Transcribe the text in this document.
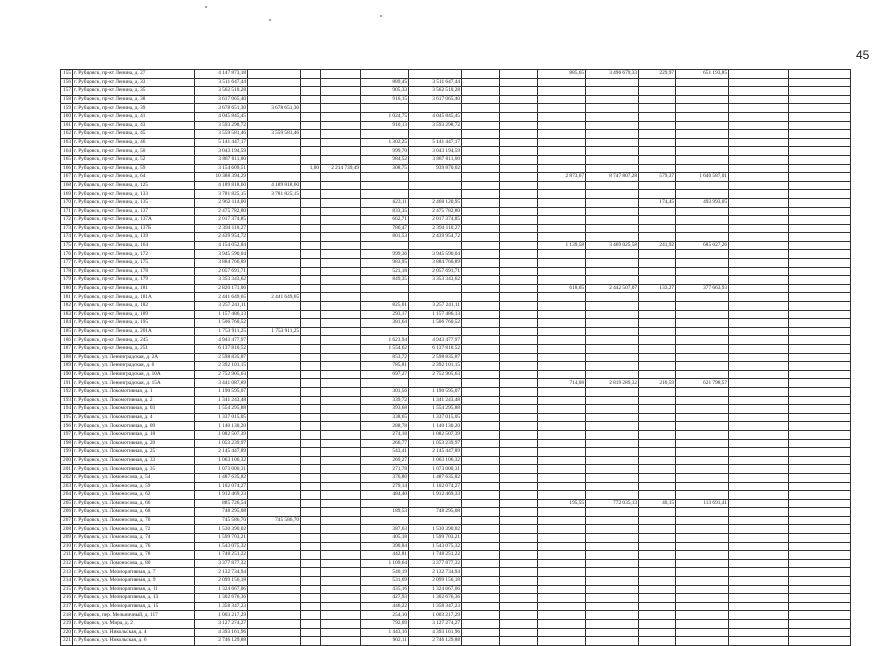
45
155	г. Рубцовск, пр-кт Ленина, д. 27	4 147 873,18								885,65	3 496 679,33	229,97	651 193,85		
156	г. Рубцовск, пр-кт Ленина, д. 33	3 511 647,44				889,45	3 511 647,44								
157	г. Рубцовск, пр-кт Ленина, д. 35	3 562 510,28				905,33	3 562 510,28								
158	г. Рубцовск, пр-кт Ленина, д. 38	3 617 065,40				916,15	3 617 065,40								
159	г. Рубцовск, пр-кт Ленина, д. 39	3 678 651,30	3 678 651,30												
160	г. Рубцовск, пр-кт Ленина, д. 41	4 045 845,45				1 024,75	4 045 845,45								
161	г. Рубцовск, пр-кт Ленина, д. 43	3 593 298,72				910,13	3 593 298,72								
162	г. Рубцовск, пр-кт Ленина, д. 45	3 559 581,46	3 559 581,46												
163	г. Рубцовск, пр-кт Ленина, д. 46	5 141 447,17				1 302,25	5 141 447,17								
164	г. Рубцовск, пр-кт Ленина, д. 50	3 043 194,59				999,70	3 043 194,59								
165	г. Рубцовск, пр-кт Ленина, д. 52	3 887 011,00				984,52	3 887 011,00								
166	г. Рубцовск, пр-кт Ленина, д. 59	3 154 609,51		1,00	2 214 739,49	308,75	939 870,02								
167	г. Рубцовск, пр-кт Ленина, д. 64	10 388 394,29								2 873,67	8 747 807,28	579,37	1 640 587,01		
168	г. Рубцовск, пр-кт Ленина, д. 125	4 189 818,60	4 189 818,60												
169	г. Рубцовск, пр-кт Ленина, д. 133	3 781 825,15	3 781 825,15												
170	г. Рубцовск, пр-кт Ленина, д. 135	2 962 114,00				623,11	2 468 120,95					174,45	493 993,05		
171	г. Рубцовск, пр-кт Ленина, д. 137	2 475 782,80				833,35	2 475 782,80								
172	г. Рубцовск, пр-кт Ленина, д. 137А	2 017 374,85				662,71	2 017 374,85								
173	г. Рубцовск, пр-кт Ленина, д. 137Б	2 394 110,27				786,47	2 394 110,27								
174	г. Рубцовск, пр-кт Ленина, д. 139	2 439 954,72				801,53	2 439 954,72								
175	г. Рубцовск, пр-кт Ленина, д. 164	4 154 052,84								1 139,58	3 469 025,58	241,92	685 027,26		
176	г. Рубцовск, пр-кт Ленина, д. 172	3 945 590,04				999,36	3 945 590,04								
177	г. Рубцовск, пр-кт Ленина, д. 175	3 884 766,89				983,95	3 884 766,89								
178	г. Рубцовск, пр-кт Ленина, д. 178	2 057 691,71				521,18	2 057 691,71								
179	г. Рубцовск, пр-кт Ленина, д. 179	3 353 343,62				849,35	3 353 343,62								
180	г. Рубцовск, пр-кт Ленина, д. 181	2 820 171,00								618,65	2 442 507,07	133,27	377 663,93		
181	г. Рубцовск, пр-кт Ленина, д. 181А	2 441 649,65	2 441 649,65												
182	г. Рубцовск, пр-кт Ленина, д. 182	3 257 241,11				825,01	3 257 241,11								
183	г. Рубцовск, пр-кт Ленина, д. 189	1 157 486,13				293,17	1 157 486,13								
184	г. Рубцовск, пр-кт Ленина, д. 195	1 506 760,52				381,64	1 506 760,52								
185	г. Рубцовск, пр-кт Ленина, д. 201А	1 753 911,25	1 753 911,25												
186	г. Рубцовск, пр-кт Ленина, д. 245	4 943 477,97				1 623,94	4 943 477,97								
187	г. Рубцовск, пр-кт Ленина, д. 251	6 137 810,52				1 554,62	6 137 810,52								
188	г. Рубцовск, ул. Ленинградская, д. 2А	2 598 835,87				853,72	2 598 835,87								
189	г. Рубцовск, ул. Ленинградская, д. 6	2 392 101,15				785,81	2 392 101,15								
190	г. Рубцовск, ул. Ленинградская, д. 10А	2 752 905,63				697,27	2 752 905,63								
191	г. Рубцовск, ул. Ленинградская, д. 15А	3 441 087,89								714,08	2 819 289,32	210,59	621 798,57		
192	г. Рубцовск, ул. Локомотивная, д. 1	1 190 595,07				301,56	1 190 595,07								
193	г. Рубцовск, ул. Локомотивная, д. 2	1 341 243,48				339,72	1 341 243,48								
194	г. Рубцовск, ул. Локомотивная, д. 03	1 554 295,88				393,68	1 554 295,88								
195	г. Рубцовск, ул. Локомотивная, д. 4	1 337 015,05				338,65	1 337 015,05								
196	г. Рубцовск, ул. Локомотивная, д. 09	1 140 130,20				288,78	1 140 130,20								
197	г. Рубцовск, ул. Локомотивная, д. 18	1 082 507,39				274,18	1 082 507,39								
198	г. Рубцовск, ул. Локомотивная, д. 20	1 053 239,97				266,77	1 053 239,97								
199	г. Рубцовск, ул. Локомотивная, д. 25	2 145 447,89				543,41	2 145 447,89								
200	г. Рубцовск, ул. Локомотивная, д. 33	1 063 106,32				269,27	1 063 106,32								
201	г. Рубцовск, ул. Локомотивная, д. 35	1 073 000,31				271,78	1 073 000,31								
202	г. Рубцовск, ул. Ломоносова, д. 54	1 487 635,82				376,80	1 487 635,82								
203	г. Рубцовск, ул. Ломоносова, д. 59	1 102 074,27				279,14	1 102 074,27								
204	г. Рубцовск, ул. Ломоносова, д. 62	1 912 469,33				484,40	1 912 469,33								
205	г. Рубцовск, ул. Ломоносова, д. 66	885 726,54								195,55	772 035,13	40,15	113 691,41		
206	г. Рубцовск, ул. Ломоносова, д. 68	748 295,08				189,53	748 295,08								
207	г. Рубцовск, ул. Ломоносова, д. 70	745 586,70	745 586,70												
208	г. Рубцовск, ул. Ломоносова, д. 72	1 530 390,02				387,63	1 530 390,02								
209	г. Рубцовск, ул. Ломоносова, д. 74	1 599 703,21				405,18	1 599 703,21								
210	г. Рубцовск, ул. Ломоносова, д. 76	1 543 075,32				390,84	1 543 075,32								
211	г. Рубцовск, ул. Ломоносова, д. 78	1 748 251,22				442,81	1 748 251,22								
212	г. Рубцовск, ул. Ломоносова, д. 80	3 377 877,32				1 109,64	3 377 877,32								
213	г. Рубцовск, ул. Мелиоративная, д. 7	2 132 734,94				540,19	2 132 734,94								
214	г. Рубцовск, ул. Мелиоративная, д. 9	2 099 156,18				531,69	2 099 156,18								
215	г. Рубцовск, ул. Мелиоративная, д. 11	1 324 667,06				435,16	1 324 667,06								
216	г. Рубцовск, ул. Мелиоративная, д. 13	1 302 676,36				427,93	1 302 676,36								
217	г. Рубцовск, ул. Мелиоративная, д. 15	1 358 347,23				446,22	1 358 347,23								
218	г. Рубцовск, пер. Мельничный, д. 117	1 003 217,29				254,10	1 003 217,29								
219	г. Рубцовск, ул. Мира, д. 2	3 127 274,27				792,09	3 127 274,27								
220	г. Рубцовск, ул. Никольская, д. 4	4 393 161,96				1 443,16	4 393 161,96								
221	г. Рубцовск, ул. Никольская, д. 6	2 746 129,88				902,11	2 746 129,88								
